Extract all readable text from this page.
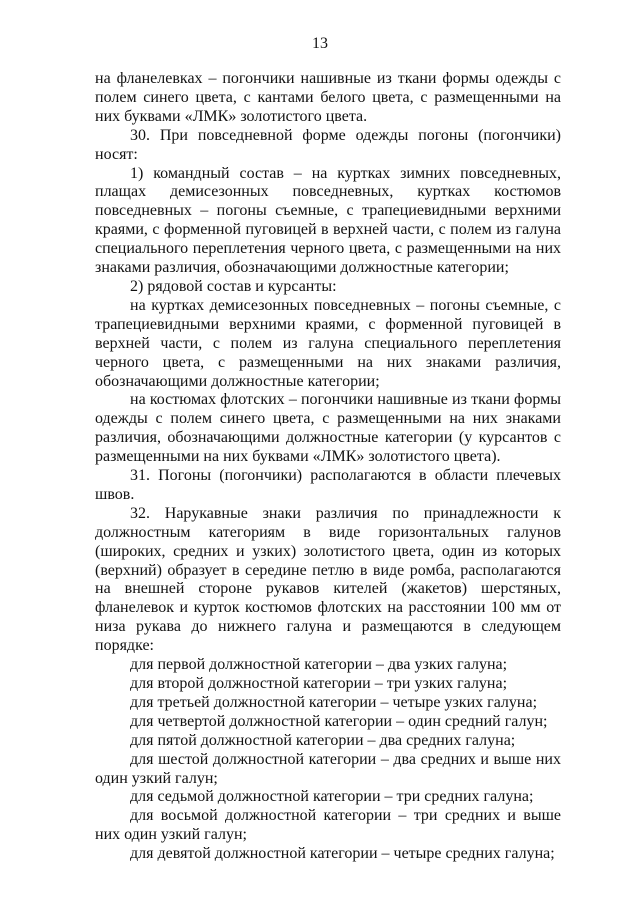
13

на фланелевках – погончики нашивные из ткани формы одежды с полем синего цвета, с кантами белого цвета, с размещенными на них буквами «ЛМК» золотистого цвета.

30. При повседневной форме одежды погоны (погончики) носят:

1) командный состав – на куртках зимних повседневных, плащах демисезонных повседневных, куртках костюмов повседневных – погоны съемные, с трапециевидными верхними краями, с форменной пуговицей в верхней части, с полем из галуна специального переплетения черного цвета, с размещенными на них знаками различия, обозначающими должностные категории;

2) рядовой состав и курсанты:

на куртках демисезонных повседневных – погоны съемные, с трапециевидными верхними краями, с форменной пуговицей в верхней части, с полем из галуна специального переплетения черного цвета, с размещенными на них знаками различия, обозначающими должностные категории;

на костюмах флотских – погончики нашивные из ткани формы одежды с полем синего цвета, с размещенными на них знаками различия, обозначающими должностные категории (у курсантов с размещенными на них буквами «ЛМК» золотистого цвета).

31. Погоны (погончики) располагаются в области плечевых швов.

32. Нарукавные знаки различия по принадлежности к должностным категориям в виде горизонтальных галунов (широких, средних и узких) золотистого цвета, один из которых (верхний) образует в середине петлю в виде ромба, располагаются на внешней стороне рукавов кителей (жакетов) шерстяных, фланелевок и курток костюмов флотских на расстоянии 100 мм от низа рукава до нижнего галуна и размещаются в следующем порядке:

для первой должностной категории – два узких галуна;

для второй должностной категории – три узких галуна;

для третьей должностной категории – четыре узких галуна;

для четвертой должностной категории – один средний галун;

для пятой должностной категории – два средних галуна;

для шестой должностной категории – два средних и выше них один узкий галун;

для седьмой должностной категории – три средних галуна;

для восьмой должностной категории – три средних и выше них один узкий галун;

для девятой должностной категории – четыре средних галуна;
